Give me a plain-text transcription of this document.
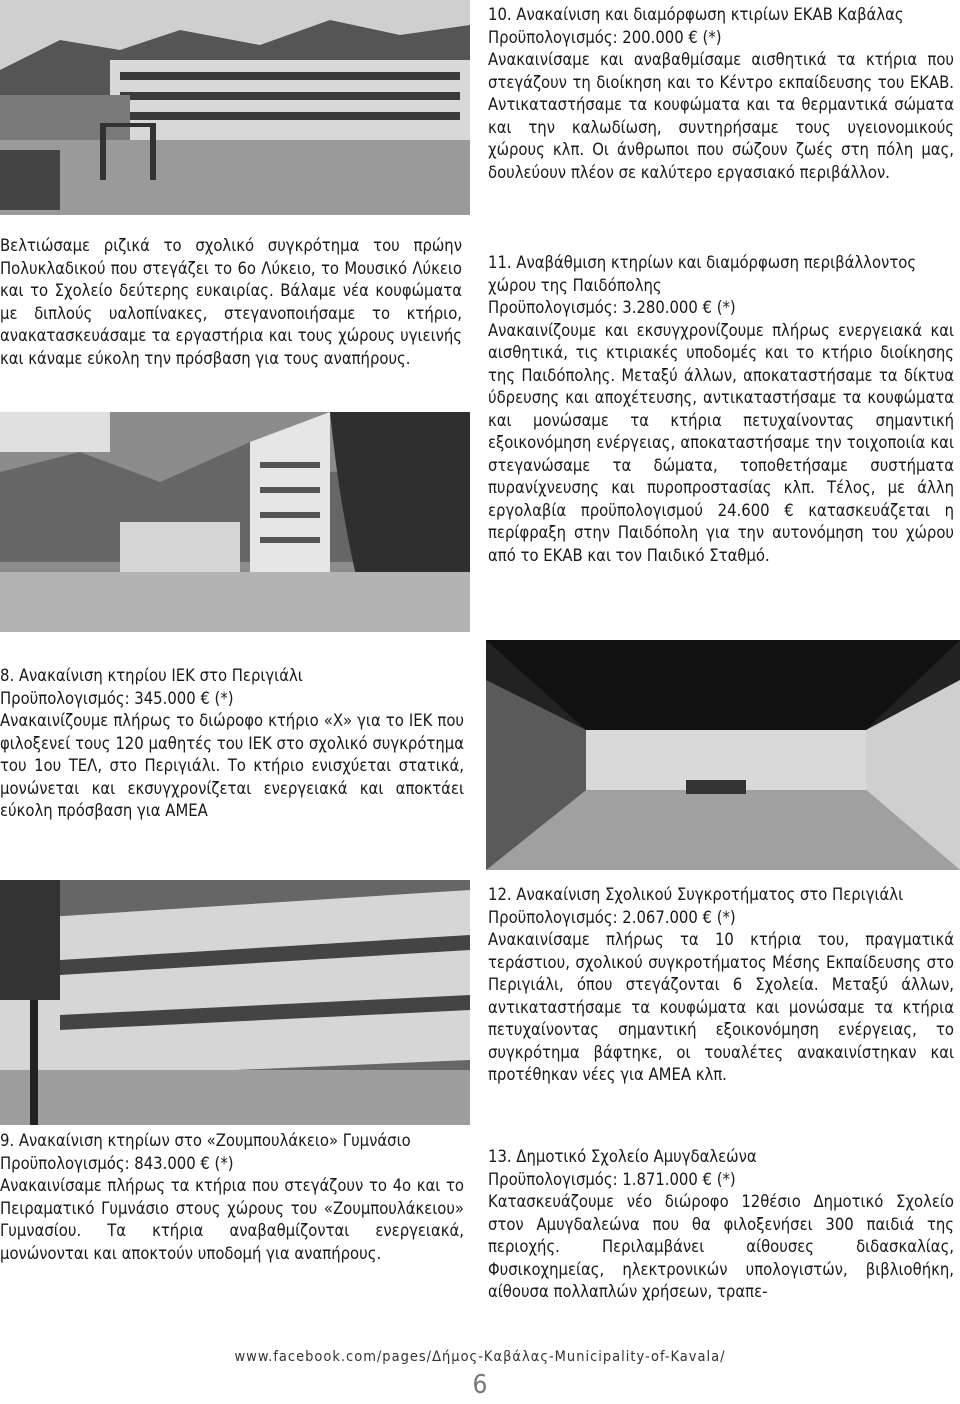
Βελτιώσαμε ριζικά το σχολικό συγκρότημα του πρώην Πολυκλαδικού που στεγάζει το 6ο Λύκειο, το Μουσικό Λύκειο και το Σχολείο δεύτερης ευκαιρίας. Βάλαμε νέα κουφώματα με διπλούς υαλοπίνακες, στεγανοποιήσαμε το κτήριο, ανακατασκευάσαμε τα εργαστήρια και τους χώρους υγιεινής και κάναμε εύκολη την πρόσβαση για τους αναπήρους.

8. Ανακαίνιση κτηρίου ΙΕΚ στο Περιγιάλι

Προϋπολογισμός: 345.000 € (*)

Ανακαινίζουμε πλήρως το διώροφο κτήριο «Χ» για το ΙΕΚ που φιλοξενεί τους 120 μαθητές του ΙΕΚ στο σχολικό συγκρότημα του 1ου ΤΕΛ, στο Περιγιάλι. Το κτήριο ενισχύεται στατικά, μονώνεται και εκσυγχρονίζεται ενεργειακά και αποκτάει εύκολη πρόσβαση για ΑΜΕΑ

9. Ανακαίνιση κτηρίων στο «Ζουμπουλάκειο» Γυμνάσιο

Προϋπολογισμός: 843.000 € (*)

Ανακαινίσαμε πλήρως τα κτήρια που στεγάζουν το 4ο και το Πειραματικό Γυμνάσιο στους χώρους του «Ζουμπουλάκειου» Γυμνασίου. Τα κτήρια αναβαθμίζονται ενεργειακά, μονώνονται και αποκτούν υποδομή για αναπήρους.

10. Ανακαίνιση και διαμόρφωση κτιρίων ΕΚΑΒ Καβάλας

Προϋπολογισμός: 200.000 € (*)

Ανακαινίσαμε και αναβαθμίσαμε αισθητικά τα κτήρια που στεγάζουν τη διοίκηση και το Κέντρο εκπαίδευσης του ΕΚΑΒ. Αντικαταστήσαμε τα κουφώματα και τα θερμαντικά σώματα και την καλωδίωση, συντηρήσαμε τους υγειονομικούς χώρους κλπ. Οι άνθρωποι που σώζουν ζωές στη πόλη μας, δουλεύουν πλέον σε καλύτερο εργασιακό περιβάλλον.

11. Αναβάθμιση κτηρίων και διαμόρφωση περιβάλλοντος χώρου της Παιδόπολης

Προϋπολογισμός: 3.280.000 € (*)

Ανακαινίζουμε και εκσυγχρονίζουμε πλήρως ενεργειακά και αισθητικά, τις κτιριακές υποδομές και το κτήριο διοίκησης της Παιδόπολης. Μεταξύ άλλων, αποκαταστήσαμε τα δίκτυα ύδρευσης και αποχέτευσης, αντικαταστήσαμε τα κουφώματα και μονώσαμε τα κτήρια πετυχαίνοντας σημαντική εξοικονόμηση ενέργειας, αποκαταστήσαμε την τοιχοποιία και στεγανώσαμε τα δώματα, τοποθετήσαμε συστήματα πυρανίχνευσης και πυροπροστασίας κλπ. Τέλος, με άλλη εργολαβία προϋπολογισμού 24.600 € κατασκευάζεται η περίφραξη στην Παιδόπολη για την αυτονόμηση του χώρου από το ΕΚΑΒ και τον Παιδικό Σταθμό.

12. Ανακαίνιση Σχολικού Συγκροτήματος στο Περιγιάλι

Προϋπολογισμός: 2.067.000 € (*)

Ανακαινίσαμε πλήρως τα 10 κτήρια του, πραγματικά τεράστιου, σχολικού συγκροτήματος Μέσης Εκπαίδευσης στο Περιγιάλι, όπου στεγάζονται 6 Σχολεία. Μεταξύ άλλων, αντικαταστήσαμε τα κουφώματα και μονώσαμε τα κτήρια πετυχαίνοντας σημαντική εξοικονόμηση ενέργειας, το συγκρότημα βάφτηκε, οι τουαλέτες ανακαινίστηκαν και προτέθηκαν νέες για ΑΜΕΑ κλπ.

13. Δημοτικό Σχολείο Αμυγδαλεώνα

Προϋπολογισμός: 1.871.000 € (*)

Κατασκευάζουμε νέο διώροφο 12θέσιο Δημοτικό Σχολείο στον Αμυγδαλεώνα που θα φιλοξενήσει 300 παιδιά της περιοχής. Περιλαμβάνει αίθουσες διδασκαλίας, Φυσικοχημείας, ηλεκτρονικών υπολογιστών, βιβλιοθήκη, αίθουσα πολλαπλών χρήσεων, τραπε-

www.facebook.com/pages/Δήμος-Καβάλας-Municipality-of-Kavala/
6
